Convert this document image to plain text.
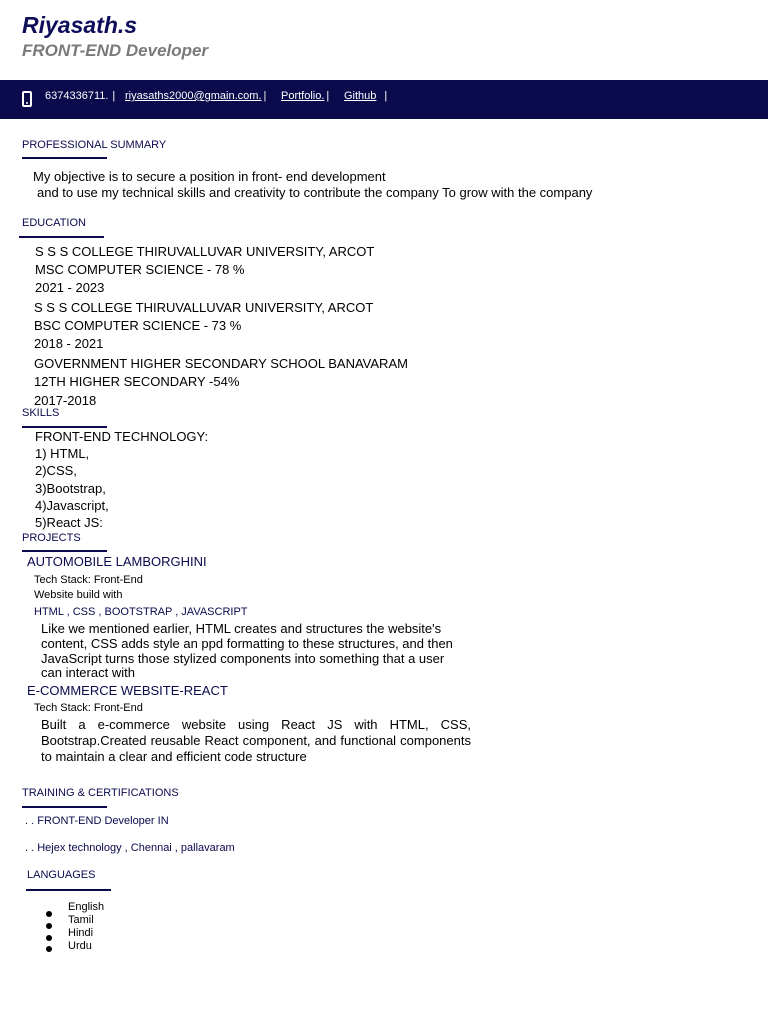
Riyasath.s
FRONT-END Developer
6374336711. | riyasaths2000@gmain.com. | Portfolio. | Github |
PROFESSIONAL SUMMARY
My objective is to secure a position in front- end development
and to use my technical skills and creativity to contribute the company To grow with the company
EDUCATION
S S S COLLEGE THIRUVALLUVAR UNIVERSITY, ARCOT
MSC COMPUTER SCIENCE - 78 %
2021 - 2023
S S S COLLEGE THIRUVALLUVAR UNIVERSITY, ARCOT
BSC COMPUTER SCIENCE - 73 %
2018 - 2021
GOVERNMENT HIGHER SECONDARY SCHOOL BANAVARAM
12TH HIGHER SECONDARY -54%
2017-2018
SKILLS
FRONT-END TECHNOLOGY:
1) HTML,
2)CSS,
3)Bootstrap,
4)Javascript,
5)React JS:
PROJECTS
AUTOMOBILE LAMBORGHINI
Tech Stack: Front-End
Website build with
HTML , CSS , BOOTSTRAP , JAVASCRIPT
Like we mentioned earlier, HTML creates and structures the website's
content, CSS adds style an ppd formatting to these structures, and then
JavaScript turns those stylized components into something that a user
can interact with
E-COMMERCE WEBSITE-REACT
Tech Stack: Front-End
Built a e-commerce website using React JS with HTML, CSS, Bootstrap.Created reusable React component, and functional components to maintain a clear and efficient code structure
TRAINING & CERTIFICATIONS
. . FRONT-END Developer IN
. . Hejex technology , Chennai , pallavaram
LANGUAGES
English
Tamil
Hindi
Urdu
